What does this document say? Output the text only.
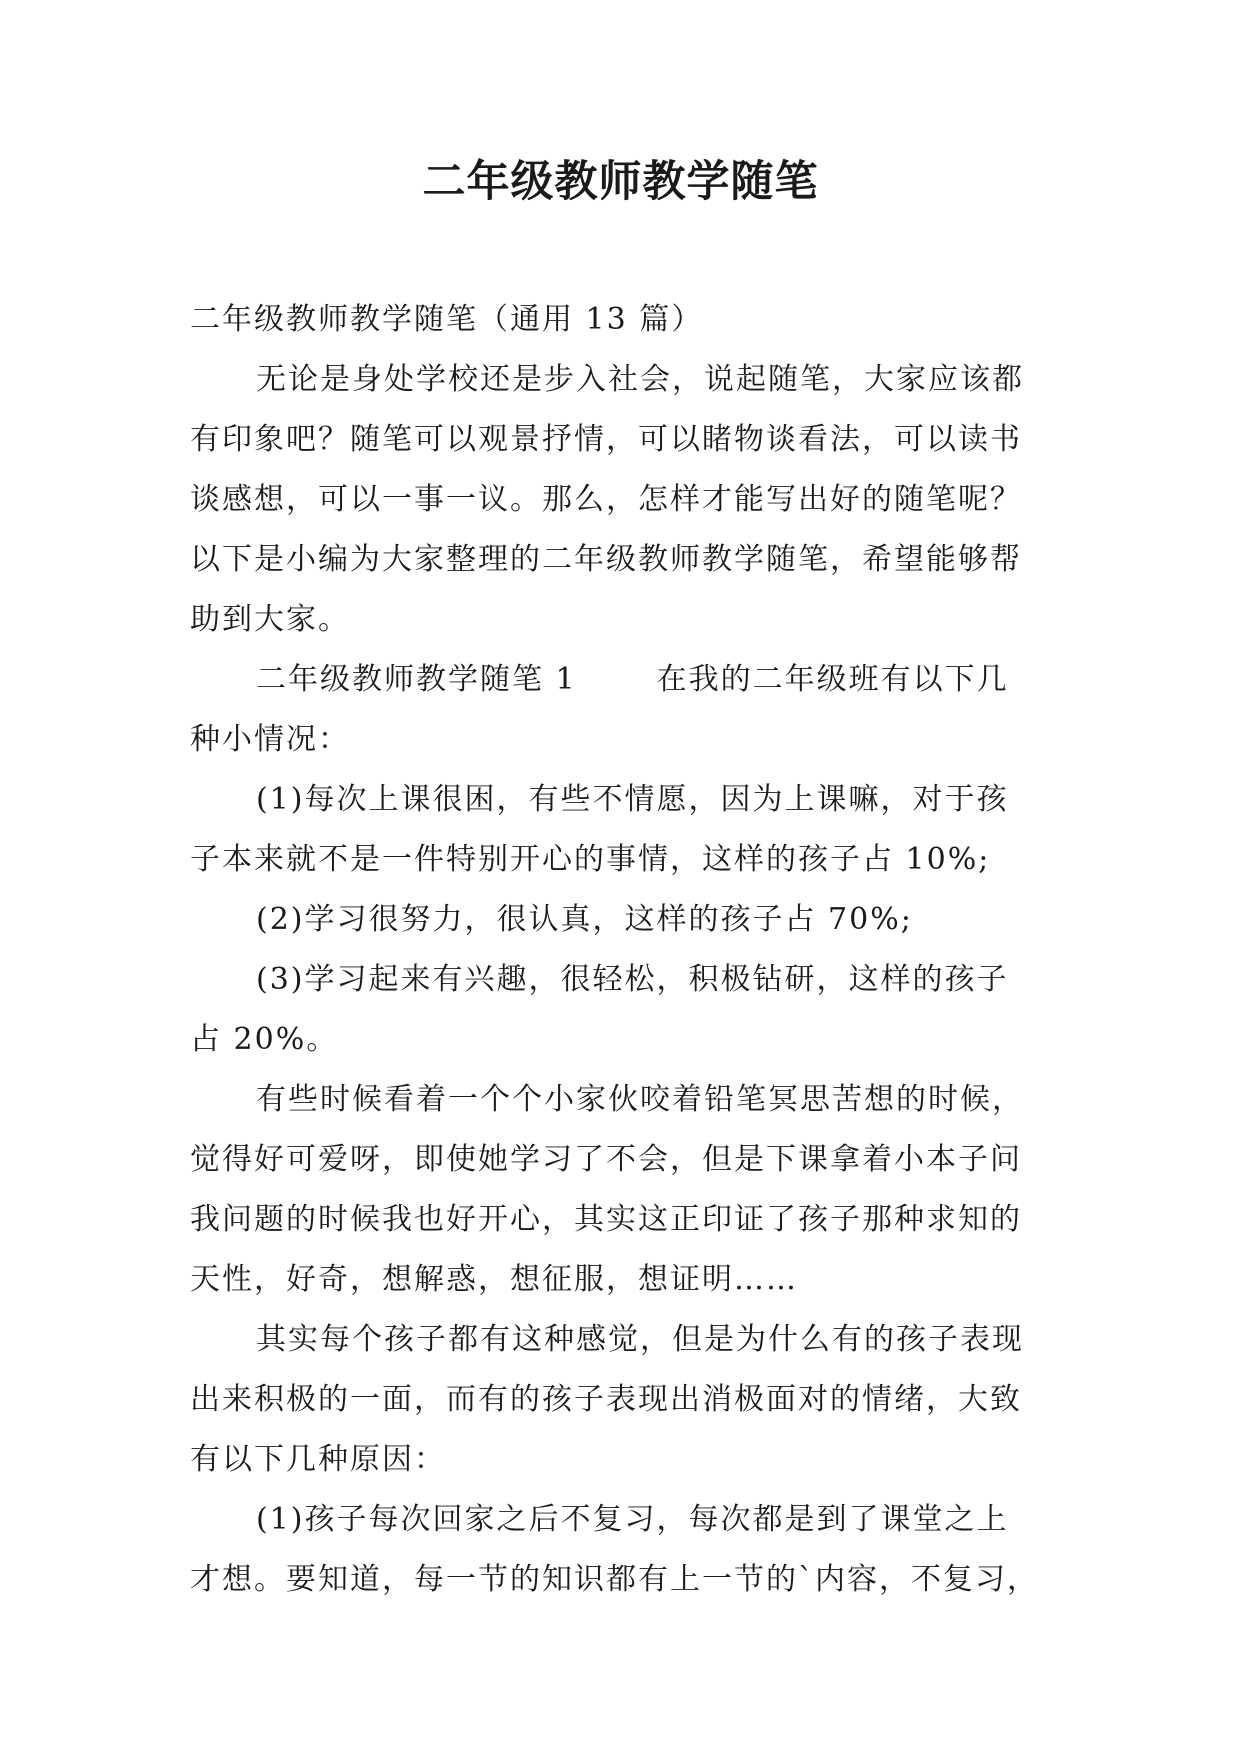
二年级教师教学随笔

二年级教师教学随笔（通用 13 篇）

无论是身处学校还是步入社会，说起随笔，大家应该都

有印象吧？随笔可以观景抒情，可以睹物谈看法，可以读书

谈感想，可以一事一议。那么，怎样才能写出好的随笔呢？

以下是小编为大家整理的二年级教师教学随笔，希望能够帮

助到大家。

二年级教师教学随笔 1	在我的二年级班有以下几

种小情况：

(1)每次上课很困，有些不情愿，因为上课嘛，对于孩

子本来就不是一件特别开心的事情，这样的孩子占 10%;

(2)学习很努力，很认真，这样的孩子占 70%;

(3)学习起来有兴趣，很轻松，积极钻研，这样的孩子

占 20%。

有些时候看着一个个小家伙咬着铅笔冥思苦想的时候，

觉得好可爱呀，即使她学习了不会，但是下课拿着小本子问

我问题的时候我也好开心，其实这正印证了孩子那种求知的

天性，好奇，想解惑，想征服，想证明……

其实每个孩子都有这种感觉，但是为什么有的孩子表现

出来积极的一面，而有的孩子表现出消极面对的情绪，大致

有以下几种原因：

(1)孩子每次回家之后不复习，每次都是到了课堂之上

才想。要知道，每一节的知识都有上一节的`内容，不复习，
